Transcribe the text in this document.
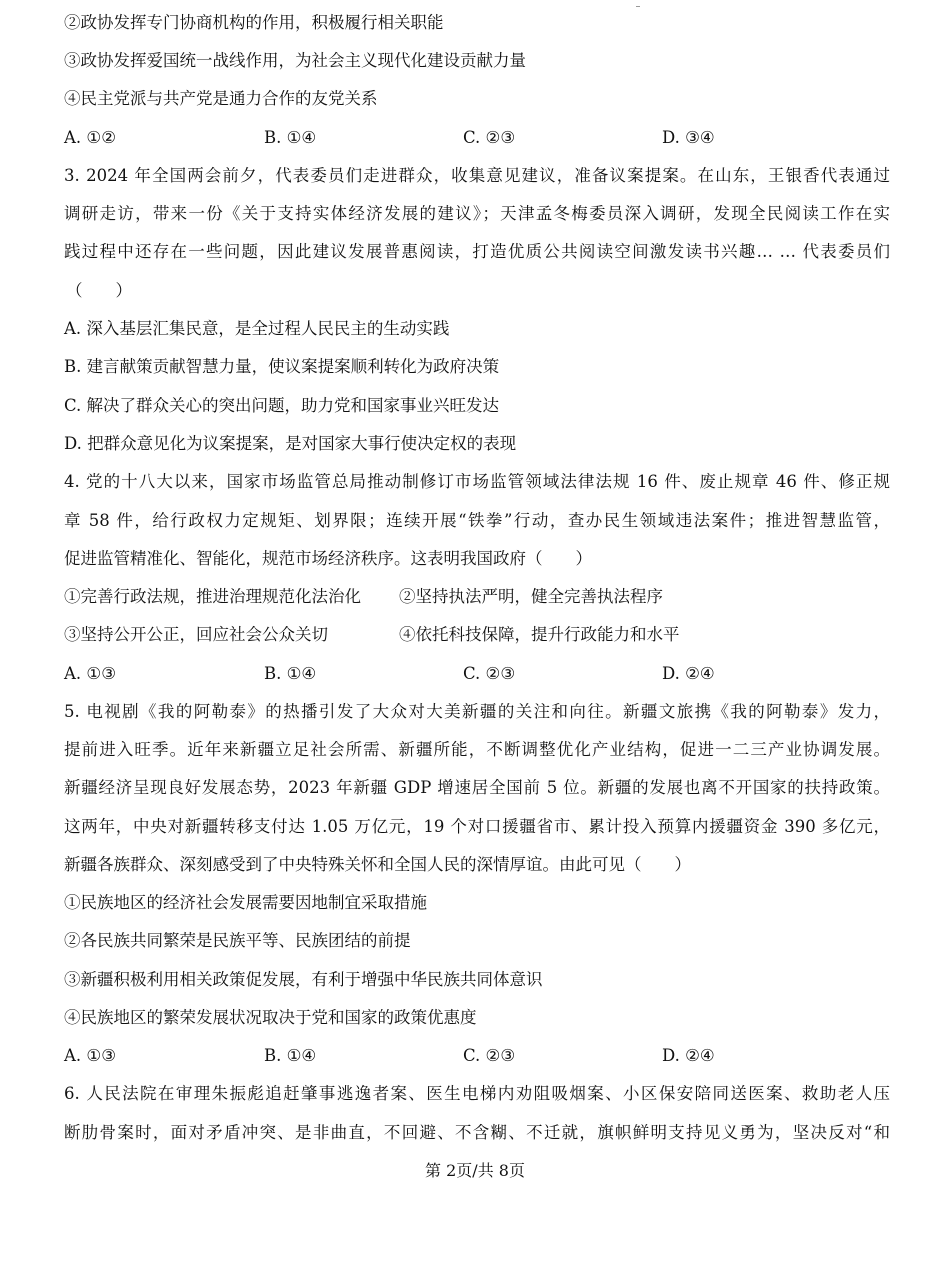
②政协发挥专门协商机构的作用，积极履行相关职能
③政协发挥爱国统一战线作用，为社会主义现代化建设贡献力量
④民主党派与共产党是通力合作的友党关系
A. ①②	B. ①④	C. ②③	D. ③④
3. 2024 年全国两会前夕，代表委员们走进群众，收集意见建议，准备议案提案。在山东，王银香代表通过
调研走访，带来一份《关于支持实体经济发展的建议》；天津孟冬梅委员深入调研，发现全民阅读工作在实
践过程中还存在一些问题，因此建议发展普惠阅读，打造优质公共阅读空间激发读书兴趣… … 代表委员们
（　　）
A. 深入基层汇集民意，是全过程人民民主的生动实践
B. 建言献策贡献智慧力量，使议案提案顺利转化为政府决策
C. 解决了群众关心的突出问题，助力党和国家事业兴旺发达
D. 把群众意见化为议案提案，是对国家大事行使决定权的表现
4. 党的十八大以来，国家市场监管总局推动制修订市场监管领域法律法规 16 件、废止规章 46 件、修正规
章 58 件，给行政权力定规矩、划界限；连续开展“铁拳”行动，查办民生领域违法案件；推进智慧监管，
促进监管精准化、智能化，规范市场经济秩序。这表明我国政府（　　）
①完善行政法规，推进治理规范化法治化 ②坚持执法严明，健全完善执法程序
③坚持公开公正，回应社会公众关切	④依托科技保障，提升行政能力和水平
A. ①③	B. ①④	C. ②③	D. ②④
5. 电视剧《我的阿勒泰》的热播引发了大众对大美新疆的关注和向往。新疆文旅携《我的阿勒泰》发力，
提前进入旺季。近年来新疆立足社会所需、新疆所能，不断调整优化产业结构，促进一二三产业协调发展。
新疆经济呈现良好发展态势，2023 年新疆 GDP 增速居全国前 5 位。新疆的发展也离不开国家的扶持政策。
这两年，中央对新疆转移支付达 1.05 万亿元，19 个对口援疆省市、累计投入预算内援疆资金 390 多亿元，
新疆各族群众、深刻感受到了中央特殊关怀和全国人民的深情厚谊。由此可见（　　）
①民族地区的经济社会发展需要因地制宜采取措施
②各民族共同繁荣是民族平等、民族团结的前提
③新疆积极利用相关政策促发展，有利于增强中华民族共同体意识
④民族地区的繁荣发展状况取决于党和国家的政策优惠度
A. ①③	B. ①④	C. ②③	D. ②④
6. 人民法院在审理朱振彪追赶肇事逃逸者案、医生电梯内劝阻吸烟案、小区保安陪同送医案、救助老人压
断肋骨案时，面对矛盾冲突、是非曲直，不回避、不含糊、不迁就，旗帜鲜明支持见义勇为，坚决反对“和
第 2页/共 8页
